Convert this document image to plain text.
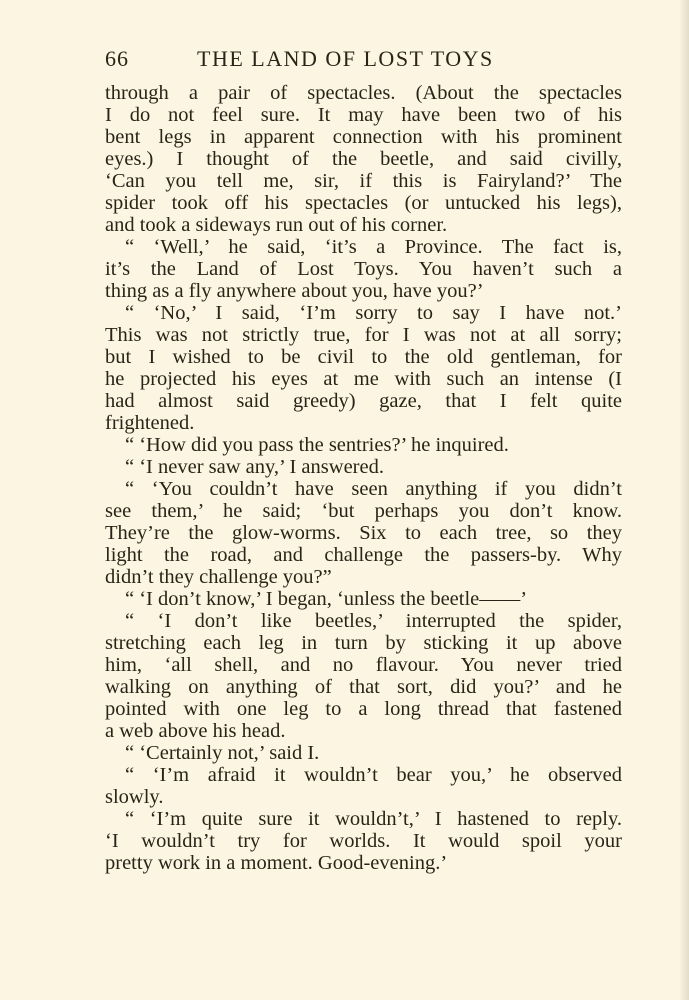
66	THE LAND OF LOST TOYS
through a pair of spectacles. (About the spectacles
I do not feel sure. It may have been two of his
bent legs in apparent connection with his prominent
eyes.) I thought of the beetle, and said civilly,
‘Can you tell me, sir, if this is Fairyland?’ The
spider took off his spectacles (or untucked his legs),
and took a sideways run out of his corner.
“ ‘Well,’ he said, ‘it’s a Province. The fact is,
it’s the Land of Lost Toys. You haven’t such a
thing as a fly anywhere about you, have you?’
“ ‘No,’ I said, ‘I’m sorry to say I have not.’
This was not strictly true, for I was not at all sorry;
but I wished to be civil to the old gentleman, for
he projected his eyes at me with such an intense (I
had almost said greedy) gaze, that I felt quite
frightened.
“ ‘How did you pass the sentries?’ he inquired.
“ ‘I never saw any,’ I answered.
“ ‘You couldn’t have seen anything if you didn’t
see them,’ he said; ‘but perhaps you don’t know.
They’re the glow-worms. Six to each tree, so they
light the road, and challenge the passers-by. Why
didn’t they challenge you?”
“ ‘I don’t know,’ I began, ‘unless the beetle——’
“ ‘I don’t like beetles,’ interrupted the spider,
stretching each leg in turn by sticking it up above
him, ‘all shell, and no flavour. You never tried
walking on anything of that sort, did you?’ and he
pointed with one leg to a long thread that fastened
a web above his head.
“ ‘Certainly not,’ said I.
“ ‘I’m afraid it wouldn’t bear you,’ he observed
slowly.
“ ‘I’m quite sure it wouldn’t,’ I hastened to reply.
‘I wouldn’t try for worlds. It would spoil your
pretty work in a moment. Good-evening.’
